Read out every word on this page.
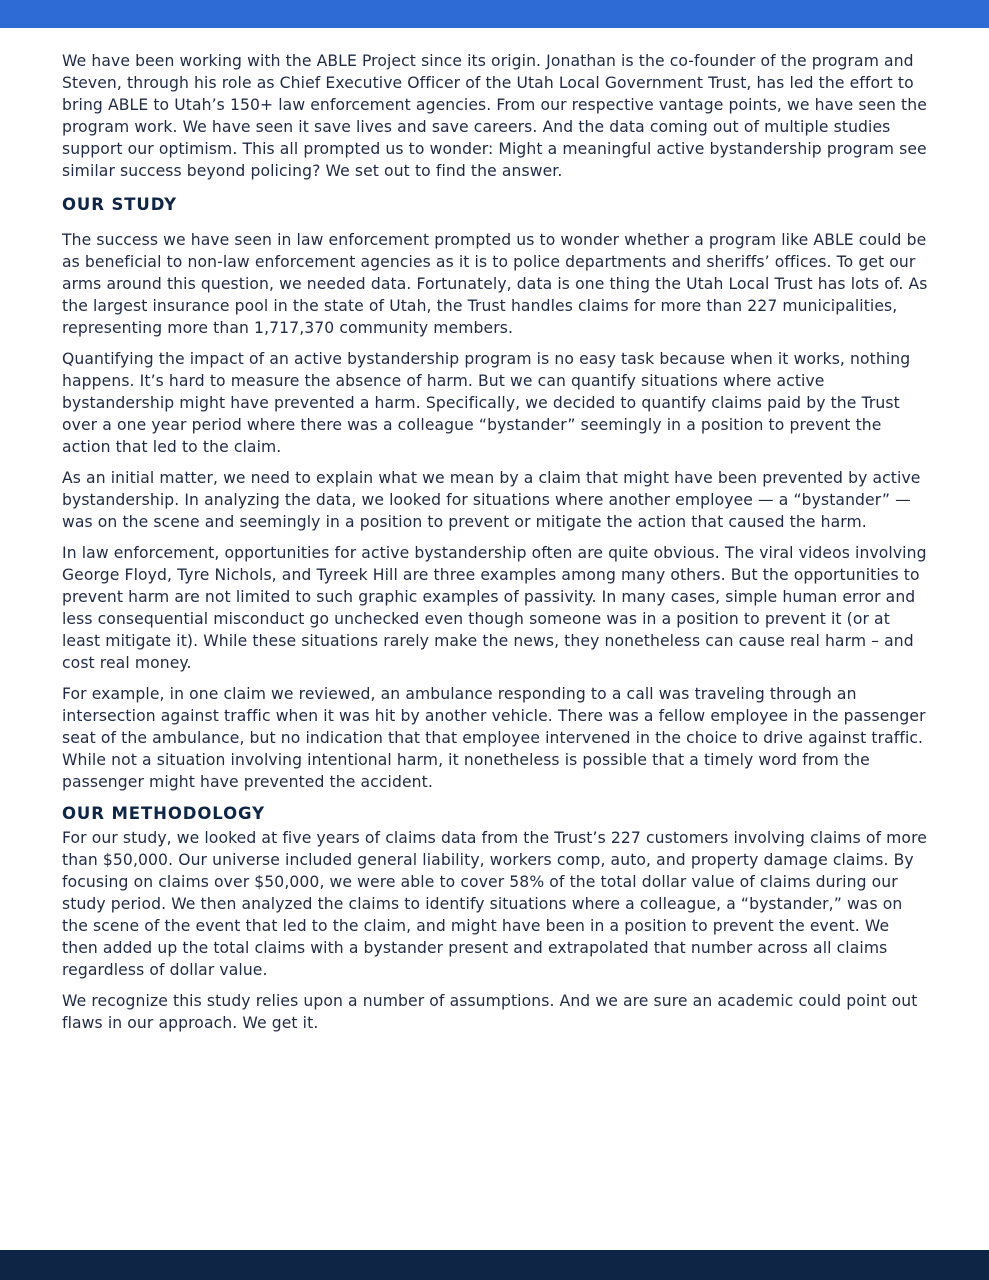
We have been working with the ABLE Project since its origin. Jonathan is the co-founder of the program and Steven, through his role as Chief Executive Officer of the Utah Local Government Trust, has led the effort to bring ABLE to Utah’s 150+ law enforcement agencies. From our respective vantage points, we have seen the program work. We have seen it save lives and save careers. And the data coming out of multiple studies support our optimism. This all prompted us to wonder: Might a meaningful active bystandership program see similar success beyond policing? We set out to find the answer.

OUR STUDY

The success we have seen in law enforcement prompted us to wonder whether a program like ABLE could be as beneficial to non-law enforcement agencies as it is to police departments and sheriffs’ offices. To get our arms around this question, we needed data. Fortunately, data is one thing the Utah Local Trust has lots of. As the largest insurance pool in the state of Utah, the Trust handles claims for more than 227 municipalities, representing more than 1,717,370 community members.

Quantifying the impact of an active bystandership program is no easy task because when it works, nothing happens. It’s hard to measure the absence of harm. But we can quantify situations where active bystandership might have prevented a harm. Specifically, we decided to quantify claims paid by the Trust over a one year period where there was a colleague “bystander” seemingly in a position to prevent the action that led to the claim.

As an initial matter, we need to explain what we mean by a claim that might have been prevented by active bystandership. In analyzing the data, we looked for situations where another employee — a “bystander” — was on the scene and seemingly in a position to prevent or mitigate the action that caused the harm.

In law enforcement, opportunities for active bystandership often are quite obvious. The viral videos involving George Floyd, Tyre Nichols, and Tyreek Hill are three examples among many others. But the opportunities to prevent harm are not limited to such graphic examples of passivity. In many cases, simple human error and less consequential misconduct go unchecked even though someone was in a position to prevent it (or at least mitigate it). While these situations rarely make the news, they nonetheless can cause real harm – and cost real money.

For example, in one claim we reviewed, an ambulance responding to a call was traveling through an intersection against traffic when it was hit by another vehicle. There was a fellow employee in the passenger seat of the ambulance, but no indication that that employee intervened in the choice to drive against traffic. While not a situation involving intentional harm, it nonetheless is possible that a timely word from the passenger might have prevented the accident.

OUR METHODOLOGY

For our study, we looked at five years of claims data from the Trust’s 227 customers involving claims of more than $50,000. Our universe included general liability, workers comp, auto, and property damage claims. By focusing on claims over $50,000, we were able to cover 58% of the total dollar value of claims during our study period. We then analyzed the claims to identify situations where a colleague, a “bystander,” was on the scene of the event that led to the claim, and might have been in a position to prevent the event. We then added up the total claims with a bystander present and extrapolated that number across all claims regardless of dollar value.

We recognize this study relies upon a number of assumptions. And we are sure an academic could point out flaws in our approach. We get it.
